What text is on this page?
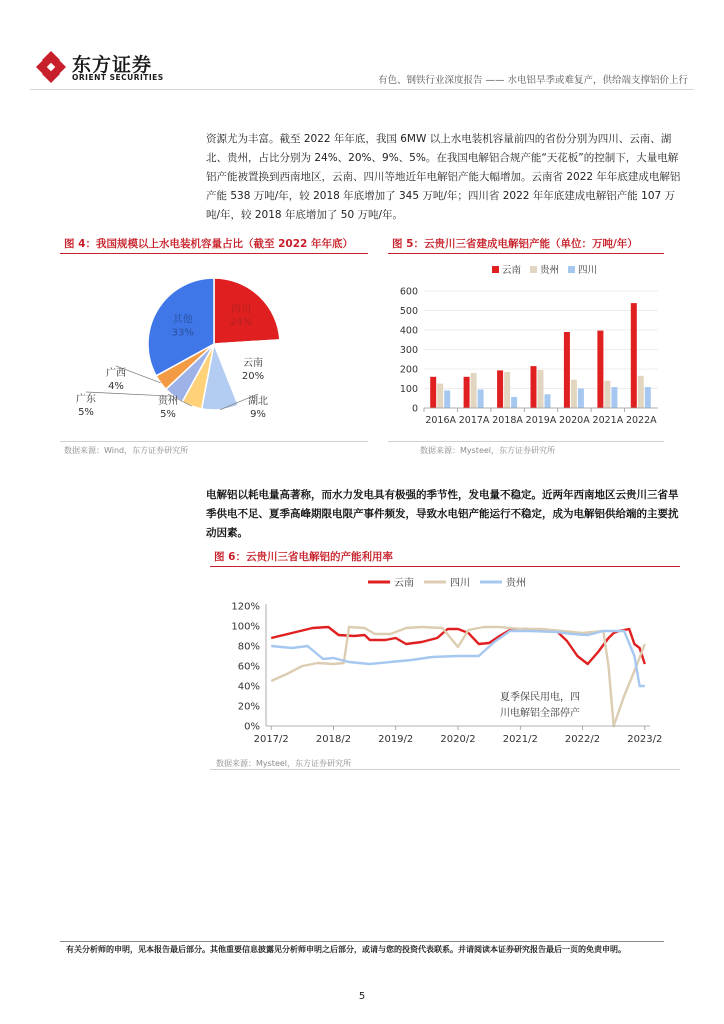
东方证券
ORIENT SECURITIES	有色、钢铁行业深度报告 —— 水电铝旱季或难复产，供给端支撑铝价上行

资源尤为丰富。截至 2022 年年底，我国 6MW 以上水电装机容量前四的省份分别为四川、云南、湖北、贵州，占比分别为 24%、20%、9%、5%。在我国电解铝合规产能“天花板”的控制下，大量电解铝产能被置换到西南地区，云南、四川等地近年电解铝产能大幅增加。云南省 2022 年年底建成电解铝产能 538 万吨/年，较 2018 年底增加了 345 万吨/年；四川省 2022 年年底建成电解铝产能 107 万吨/年，较 2018 年底增加了 50 万吨/年。

图 4：我国规模以上水电装机容量占比（截至 2022 年年底）	图 5：云贵川三省建成电解铝产能（单位：万吨/年）
四川
24%
云南
20%
湖北
9%
贵州
5%
广东
5%
广西
4%
其他
33%
云南 贵州 四川
0
100
200
300
400
500
600
2016A 2017A 2018A 2019A 2020A 2021A 2022A
数据来源：Wind，东方证券研究所	数据来源：Mysteel，东方证券研究所

电解铝以耗电量高著称，而水力发电具有极强的季节性，发电量不稳定。近两年西南地区云贵川三省旱季供电不足、夏季高峰期限电限产事件频发，导致水电铝产能运行不稳定，成为电解铝供给端的主要扰动因素。

图 6：云贵川三省电解铝的产能利用率
云南	四川	贵州
0%
20%
40%
60%
80%
100%
120%
2017/2	2018/2	2019/2	2020/2	2021/2	2022/2	2023/2
夏季保民用电，四
川电解铝全部停产
数据来源：Mysteel，东方证券研究所
有关分析师的申明，见本报告最后部分。其他重要信息披露见分析师申明之后部分，或请与您的投资代表联系。并请阅读本证券研究报告最后一页的免责申明。
5
